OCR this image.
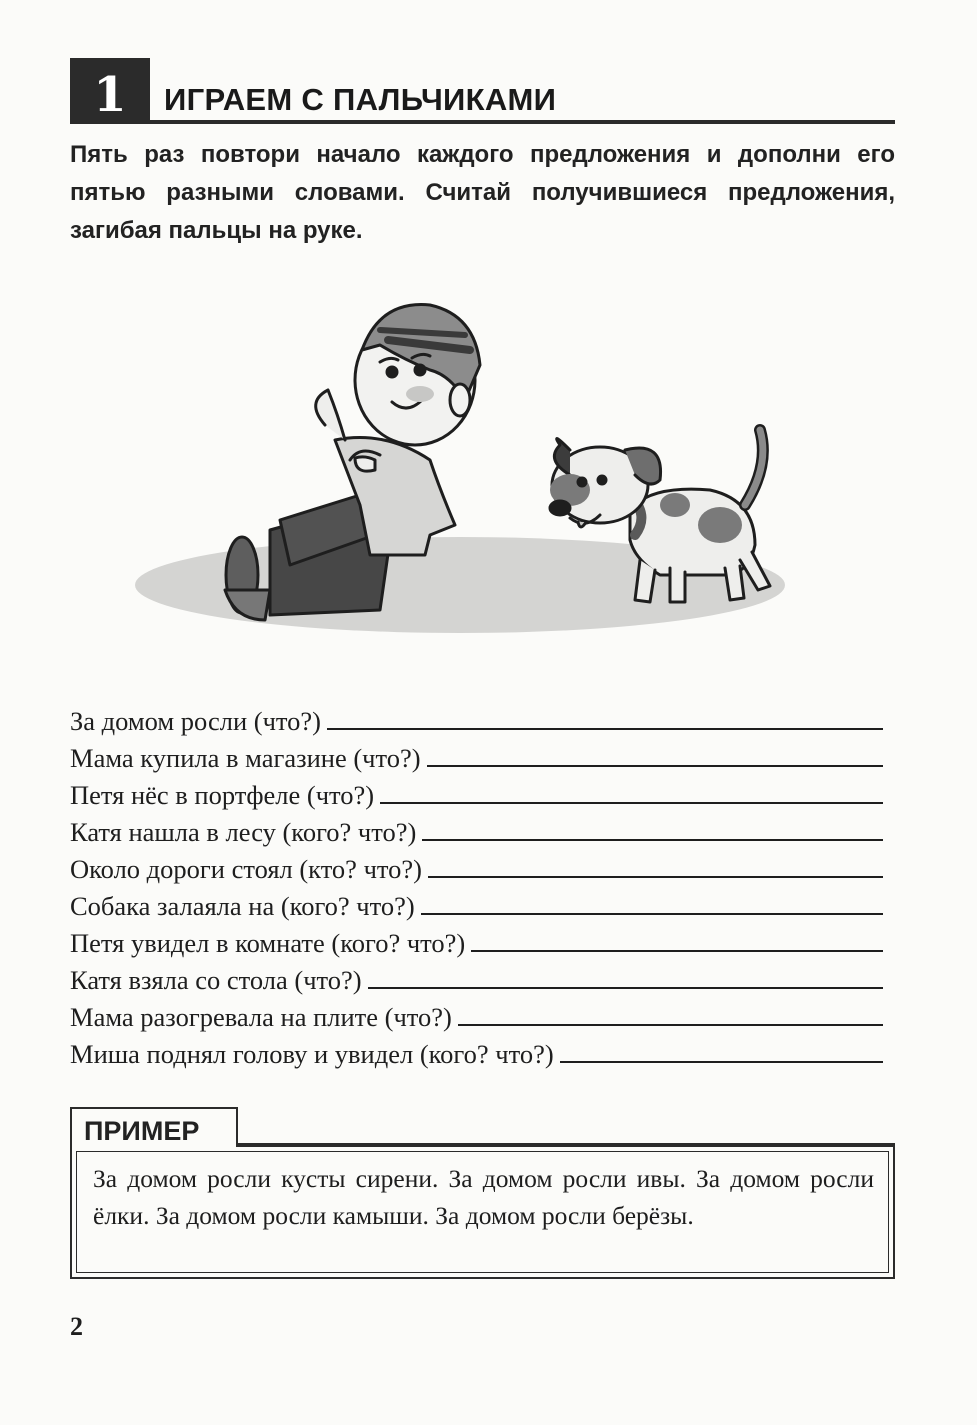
1	ИГРАЕМ С ПАЛЬЧИКАМИ
Пять раз повтори начало каждого предложения и дополни его пятью разными словами. Считай получившиеся предложения, загибая пальцы на руке.
За домом росли (что?)
Мама купила в магазине (что?)
Петя нёс в портфеле (что?)
Катя нашла в лесу (кого? что?)
Около дороги стоял (кто? что?)
Собака залаяла на (кого? что?)
Петя увидел в комнате (кого? что?)
Катя взяла со стола (что?)
Мама разогревала на плите (что?)
Миша поднял голову и увидел (кого? что?)
ПРИМЕР
За домом росли кусты сирени. За домом росли ивы. За домом росли ёлки. За домом росли камыши. За домом росли берёзы.
2
